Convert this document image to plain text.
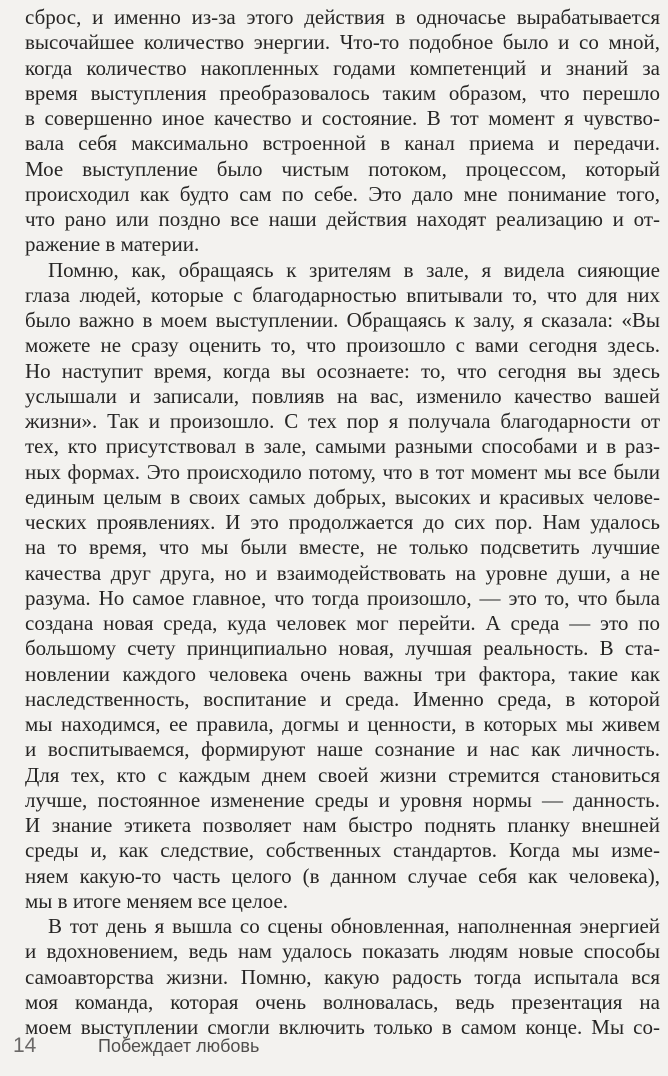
сброс, и именно из-за этого действия в одночасье вырабатывается
высочайшее количество энергии. Что-то подобное было и со мной,
когда количество накопленных годами компетенций и знаний за
время выступления преобразовалось таким образом, что перешло
в совершенно иное качество и состояние. В тот момент я чувство-
вала себя максимально встроенной в канал приема и передачи.
Мое выступление было чистым потоком, процессом, который
происходил как будто сам по себе. Это дало мне понимание того,
что рано или поздно все наши действия находят реализацию и от-
ражение в материи.
Помню, как, обращаясь к зрителям в зале, я видела сияющие
глаза людей, которые с благодарностью впитывали то, что для них
было важно в моем выступлении. Обращаясь к залу, я сказала: «Вы
можете не сразу оценить то, что произошло с вами сегодня здесь.
Но наступит время, когда вы осознаете: то, что сегодня вы здесь
услышали и записали, повлияв на вас, изменило качество вашей
жизни». Так и произошло. С тех пор я получала благодарности от
тех, кто присутствовал в зале, самыми разными способами и в раз-
ных формах. Это происходило потому, что в тот момент мы все были
единым целым в своих самых добрых, высоких и красивых челове-
ческих проявлениях. И это продолжается до сих пор. Нам удалось
на то время, что мы были вместе, не только подсветить лучшие
качества друг друга, но и взаимодействовать на уровне души, а не
разума. Но самое главное, что тогда произошло, — это то, что была
создана новая среда, куда человек мог перейти. А среда — это по
большому счету принципиально новая, лучшая реальность. В ста-
новлении каждого человека очень важны три фактора, такие как
наследственность, воспитание и среда. Именно среда, в которой
мы находимся, ее правила, догмы и ценности, в которых мы живем
и воспитываемся, формируют наше сознание и нас как личность.
Для тех, кто с каждым днем своей жизни стремится становиться
лучше, постоянное изменение среды и уровня нормы — данность.
И знание этикета позволяет нам быстро поднять планку внешней
среды и, как следствие, собственных стандартов. Когда мы изме-
няем какую-то часть целого (в данном случае себя как человека),
мы в итоге меняем все целое.
В тот день я вышла со сцены обновленная, наполненная энергией
и вдохновением, ведь нам удалось показать людям новые способы
самоавторства жизни. Помню, какую радость тогда испытала вся
моя команда, которая очень волновалась, ведь презентация на
моем выступлении смогли включить только в самом конце. Мы со-
14	Побеждает любовь
